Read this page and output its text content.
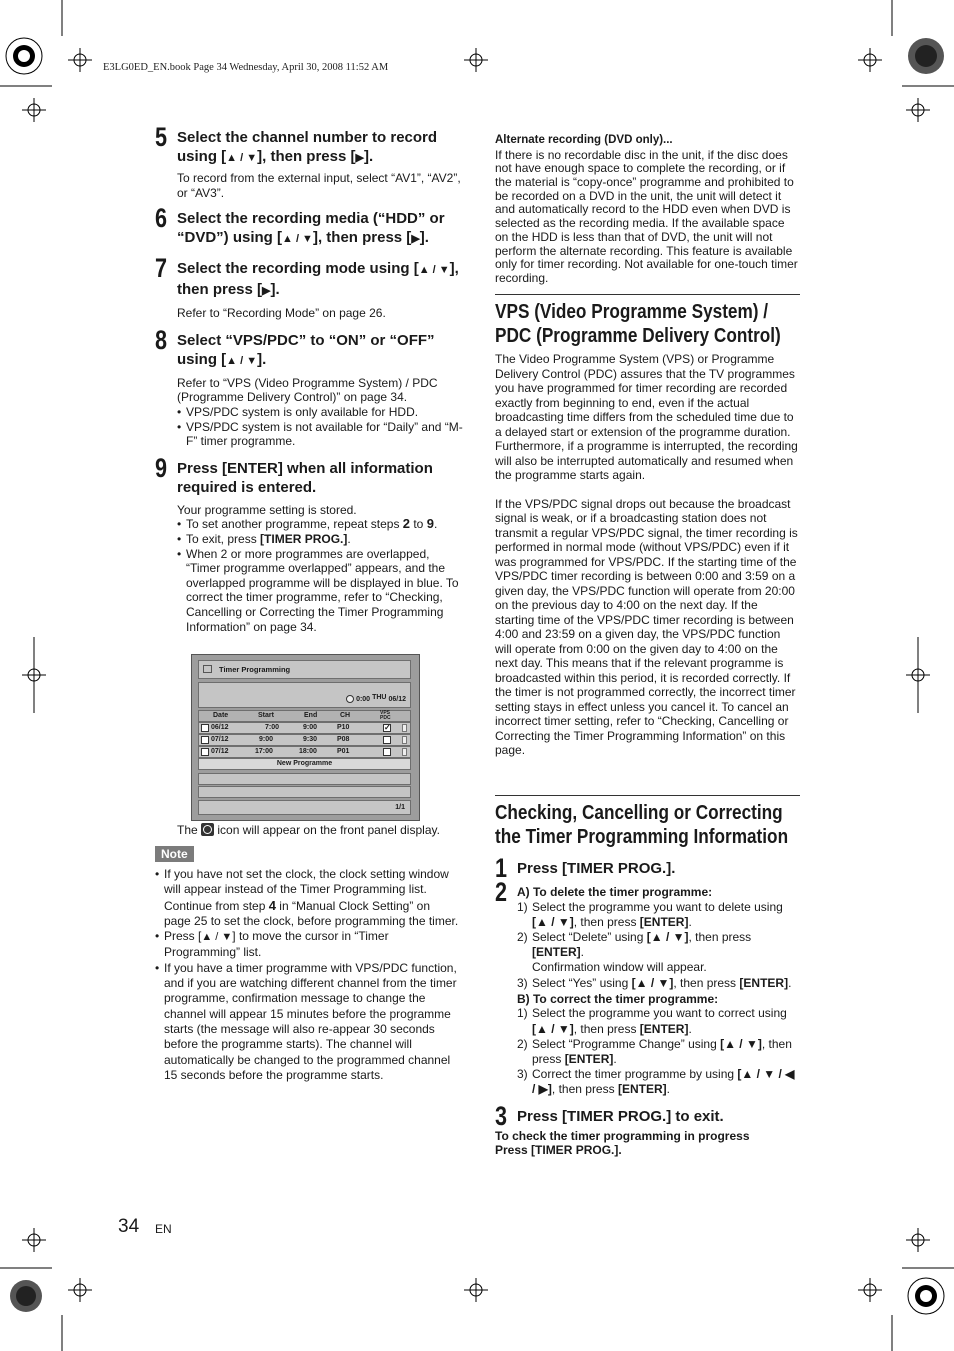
E3LG0ED_EN.book Page 34 Wednesday, April 30, 2008 11:52 AM
5 Select the channel number to record using [▲ / ▼], then press [▶].

To record from the external input, select “AV1”, “AV2”, or “AV3”.

6 Select the recording media (“HDD” or “DVD”) using [▲ / ▼], then press [▶].

7 Select the recording mode using [▲ / ▼], then press [▶].

Refer to “Recording Mode” on page 26.

8 Select “VPS/PDC” to “ON” or “OFF” using [▲ / ▼].

Refer to “VPS (Video Programme System) / PDC (Programme Delivery Control)” on page 34.

• VPS/PDC system is only available for HDD.
• VPS/PDC system is not available for “Daily” and “M-F” timer programme.
9 Press [ENTER] when all information required is entered.

Your programme setting is stored.

• To set another programme, repeat steps 2 to 9.
• To exit, press [TIMER PROG.].
• When 2 or more programmes are overlapped, “Timer programme overlapped” appears, and the overlapped programme will be displayed in blue. To correct the timer programme, refer to “Checking, Cancelling or Correcting the Timer Programming Information” on page 34.
Timer Programming
0:00 THU 06/12
Date	Start	End	CH	VPS PDC
06/12	7:00	9:00	P10	✓
07/12	9:00	9:30	P08
07/12	17:00	18:00	P01
New Programme
1/1
The  icon will appear on the front panel display.
Note
• If you have not set the clock, the clock setting window will appear instead of the Timer Programming list. Continue from step 4 in “Manual Clock Setting” on page 25 to set the clock, before programming the timer.
• Press [▲ / ▼] to move the cursor in “Timer Programming” list.
• If you have a timer programme with VPS/PDC function, and if you are watching different channel from the timer programme, confirmation message to change the channel will appear 15 minutes before the programme starts (the message will also re-appear 30 seconds before the programme starts). The channel will automatically be changed to the programmed channel 15 seconds before the programme starts.

Alternate recording (DVD only)...

If there is no recordable disc in the unit, if the disc does not have enough space to complete the recording, or if the material is “copy-once” programme and prohibited to be recorded on a DVD in the unit, the unit will detect it and automatically record to the HDD even when DVD is selected as the recording media. If the available space on the HDD is less than that of DVD, the unit will not perform the alternate recording. This feature is available only for timer recording. Not available for one-touch timer recording.

VPS (Video Programme System) /
PDC (Programme Delivery Control)

The Video Programme System (VPS) or Programme Delivery Control (PDC) assures that the TV programmes you have programmed for timer recording are recorded exactly from beginning to end, even if the actual broadcasting time differs from the scheduled time due to a delayed start or extension of the programme duration. Furthermore, if a programme is interrupted, the recording will also be interrupted automatically and resumed when the programme starts again.

If the VPS/PDC signal drops out because the broadcast signal is weak, or if a broadcasting station does not transmit a regular VPS/PDC signal, the timer recording is performed in normal mode (without VPS/PDC) even if it was programmed for VPS/PDC. If the starting time of the VPS/PDC timer recording is between 0:00 and 3:59 on a given day, the VPS/PDC function will operate from 20:00 on the previous day to 4:00 on the next day. If the starting time of the VPS/PDC timer recording is between 4:00 and 23:59 on a given day, the VPS/PDC function will operate from 0:00 on the given day to 4:00 on the next day. This means that if the relevant programme is broadcasted within this period, it is recorded correctly. If the timer is not programmed correctly, the incorrect timer setting stays in effect unless you cancel it. To cancel an incorrect timer setting, refer to “Checking, Cancelling or Correcting the Timer Programming Information” on this page.

Checking, Cancelling or Correcting
the Timer Programming Information
1 Press [TIMER PROG.].

2 A) To delete the timer programme:

1) Select the programme you want to delete using [▲ / ▼], then press [ENTER].
2) Select “Delete” using [▲ / ▼], then press [ENTER].
Confirmation window will appear.
3) Select “Yes” using [▲ / ▼], then press [ENTER].

B) To correct the timer programme:

1) Select the programme you want to correct using [▲ / ▼], then press [ENTER].
2) Select “Programme Change” using [▲ / ▼], then press [ENTER].
3) Correct the timer programme by using [▲ / ▼ / ◀ / ▶], then press [ENTER].
3 Press [TIMER PROG.] to exit.

To check the timer programming in progress

Press [TIMER PROG.].

34 EN
